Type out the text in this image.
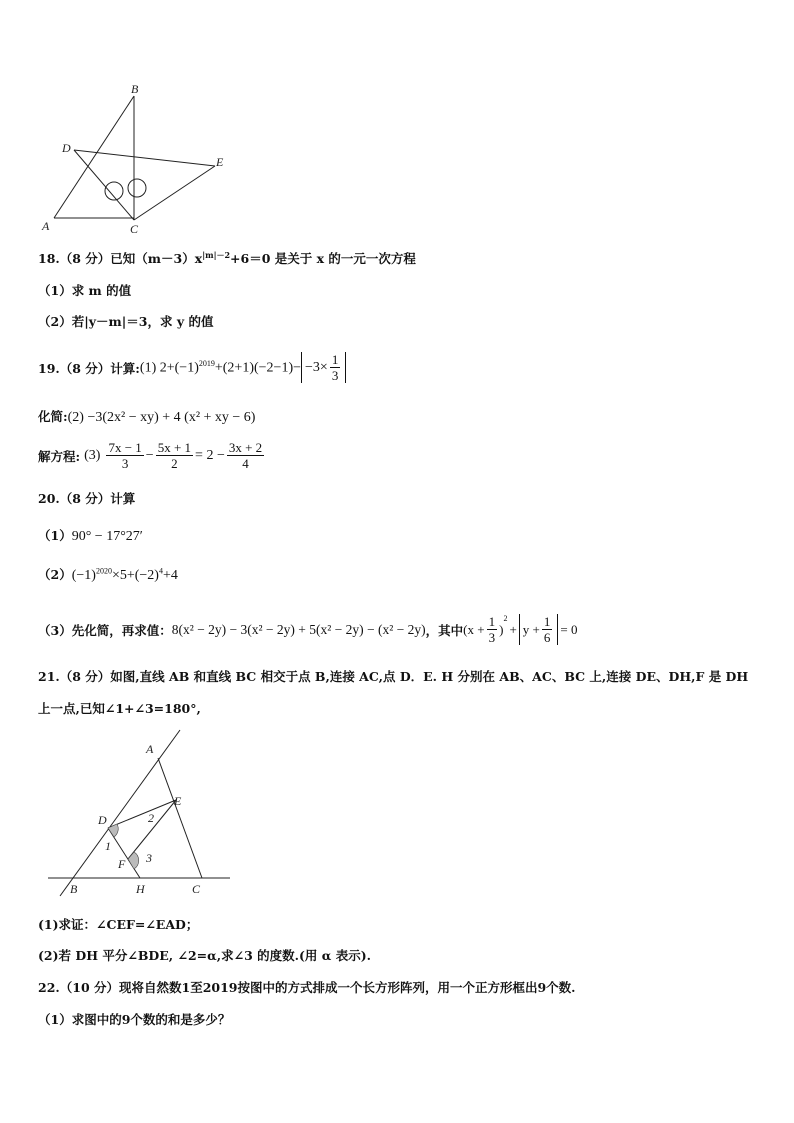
B
D
E
A	C
18.（8 分）已知$(m-3)x^{|m|-2}+6=0$ 是关于 x 的一元一次方程
（1）求 m 的值
（2）若|y－m|＝3，求 y 的值
19.（8 分）计算: (1) $2+(-1)^{2019}+(2+1)(-2-1)- -3\times \frac{1}{3}$
化简:(2) −3(2x² − xy) + 4 (x² + xy − 6)
解方程: $(3) \frac{7x - 1}{3} - \frac{5x + 1}{2} = 2 - \frac{3x + 2}{4}$
20.（8 分）计算
（1）90° − 17°27′
$(2)(-1)^{2020}\times 5+(-2)^4+4$
（3）先化简，再求值： 8(x² − 2y) − 3(x² − 2y) + 5(x² − 2y) − (x² − 2y) ，其中 ( $x + \frac{1}{3}$ )
$^2$
+ $y + \frac{1}{6} = 0$
21.（8 分）如图,直线 AB 和直线 BC 相交于点 B,连接 AC,点 D．E. H 分别在 AB、AC、BC 上,连接 DE、DH,F 是 DH
上一点,已知∠1+∠3=180°,
A
E
D	2
1
F 3
B	H	C
(1)求证：∠CEF=∠EAD；
(2)若 DH 平分∠BDE, ∠2=α,求∠3 的度数.(用 α 表示).
22.（10 分）现将自然数1至2019按图中的方式排成一个长方形阵列，用一个正方形框出9个数.
（1）求图中的9个数的和是多少？
